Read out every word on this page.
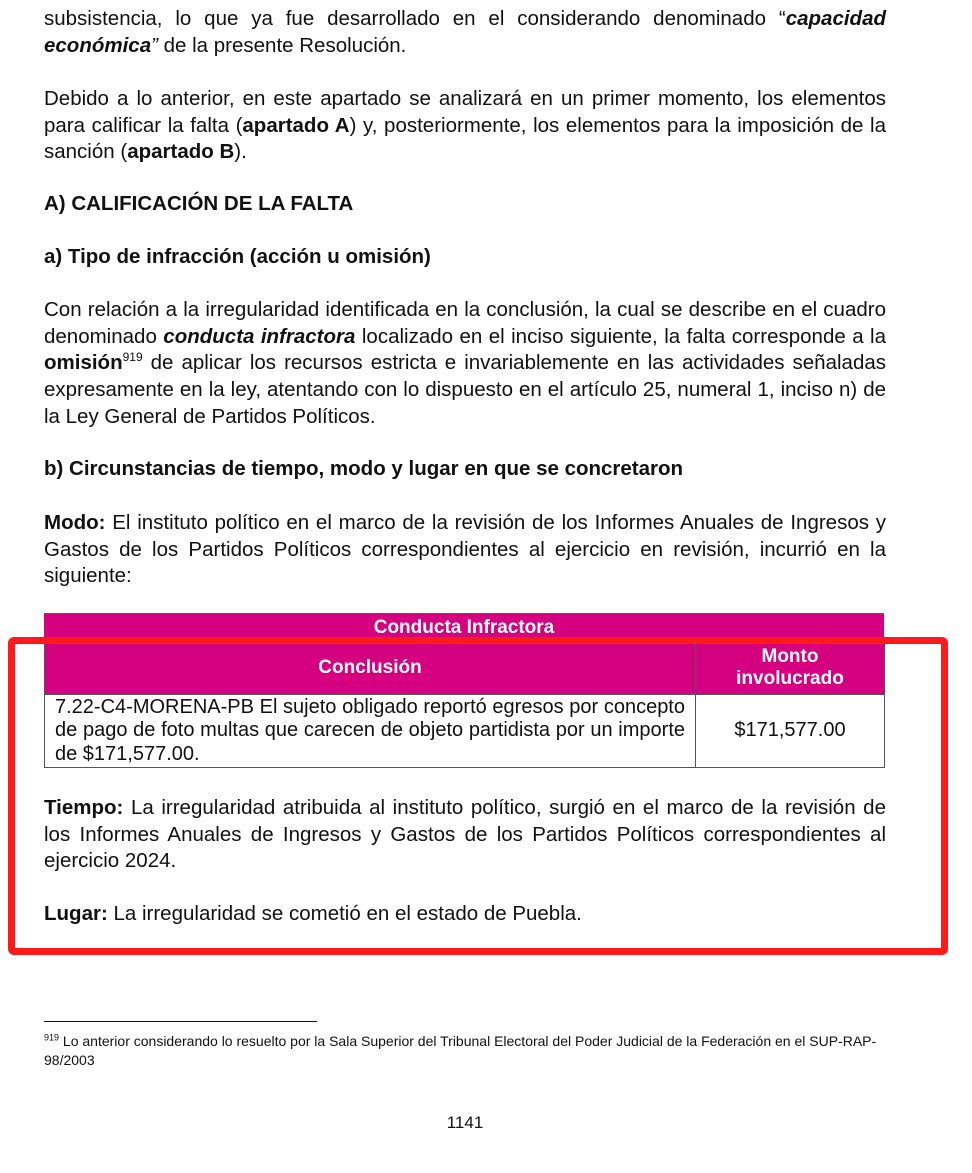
subsistencia, lo que ya fue desarrollado en el considerando denominado “capacidad económica” de la presente Resolución.

Debido a lo anterior, en este apartado se analizará en un primer momento, los elementos para calificar la falta (apartado A) y, posteriormente, los elementos para la imposición de la sanción (apartado B).

A) CALIFICACIÓN DE LA FALTA

a) Tipo de infracción (acción u omisión)

Con relación a la irregularidad identificada en la conclusión, la cual se describe en el cuadro denominado conducta infractora localizado en el inciso siguiente, la falta corresponde a la omisión$^{919}$ de aplicar los recursos estricta e invariablemente en las actividades señaladas expresamente en la ley, atentando con lo dispuesto en el artículo 25, numeral 1, inciso n) de la Ley General de Partidos Políticos.

b) Circunstancias de tiempo, modo y lugar en que se concretaron

Modo: El instituto político en el marco de la revisión de los Informes Anuales de Ingresos y Gastos de los Partidos Políticos correspondientes al ejercicio en revisión, incurrió en la siguiente:

Conducta Infractora
Conclusión	Monto
involucrado

7.22-C4-MORENA-PB El sujeto obligado reportó egresos por concepto de pago de foto multas que carecen de objeto partidista por un importe de $171,577.00.	$171,577.00

Tiempo: La irregularidad atribuida al instituto político, surgió en el marco de la revisión de los Informes Anuales de Ingresos y Gastos de los Partidos Políticos correspondientes al ejercicio 2024.

Lugar: La irregularidad se cometió en el estado de Puebla.

$^{919}$ Lo anterior considerando lo resuelto por la Sala Superior del Tribunal Electoral del Poder Judicial de la Federación en el SUP-RAP-98/2003

1141
